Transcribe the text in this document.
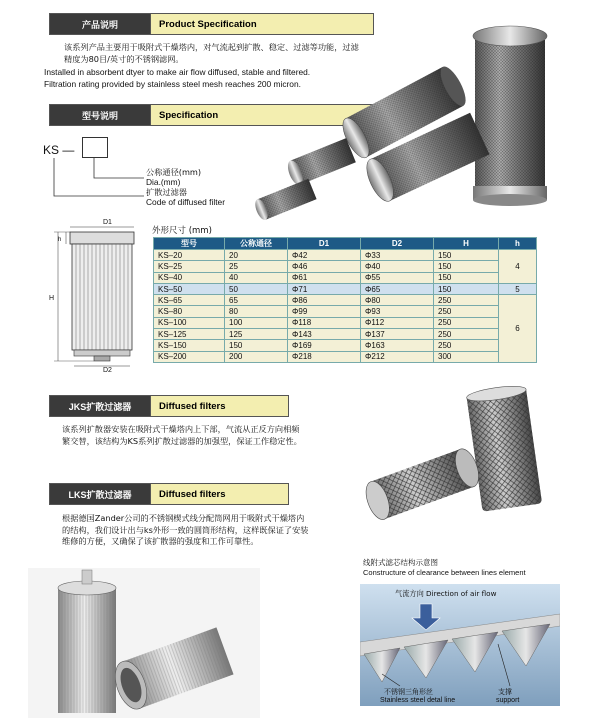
产品说明	Product Specification
该系列产品主要用于吸附式干燥塔内，对气流起到扩散、稳定、过滤等功能，过滤精度为80目/英寸的不锈钢滤网。
Installed in absorbent dtyer to make air flow diffused, stable and filtered. Filtration rating provided by stainless steel mesh reaches 200 micron.
型号说明	Specification
KS —
公称通径(mm)
Dia.(mm)
扩散过滤器
Code of diffused filter
D1
D2
H
h
外形尺寸 (mm)
型号	公称通径	D1	D2	H	h
KS–20	20	Φ42	Φ33	150	4
KS–25	25	Φ46	Φ40	150	
KS–40	40	Φ61	Φ55	150	
KS–50	50	Φ71	Φ65	150	5
KS–65	65	Φ86	Φ80	250	6
KS–80	80	Φ99	Φ93	250	
KS–100	100	Φ118	Φ112	250	
KS–125	125	Φ143	Φ137	250	
KS–150	150	Φ169	Φ163	250	
KS–200	200	Φ218	Φ212	300	
JKS扩散过滤器	Diffused filters
该系列扩散器安装在吸附式干燥塔内上下部，气流从正反方向相频繁交替，该结构为KS系列扩散过滤器的加强型，保证工作稳定性。
LKS扩散过滤器	Diffused filters
根据德国Zander公司的不锈钢楔式线分配筒网用于吸附式干燥塔内的结构，我们设计出与ks外形一致的圆筒形结构，这样既保证了安装维修的方便，又确保了该扩散器的强度和工作可靠性。
线附式滤芯结构示意图
Constructure of clearance between lines element
气流方向 Direction of air flow
不锈钢三角形丝
Stainless steel detal line
支撑
support
